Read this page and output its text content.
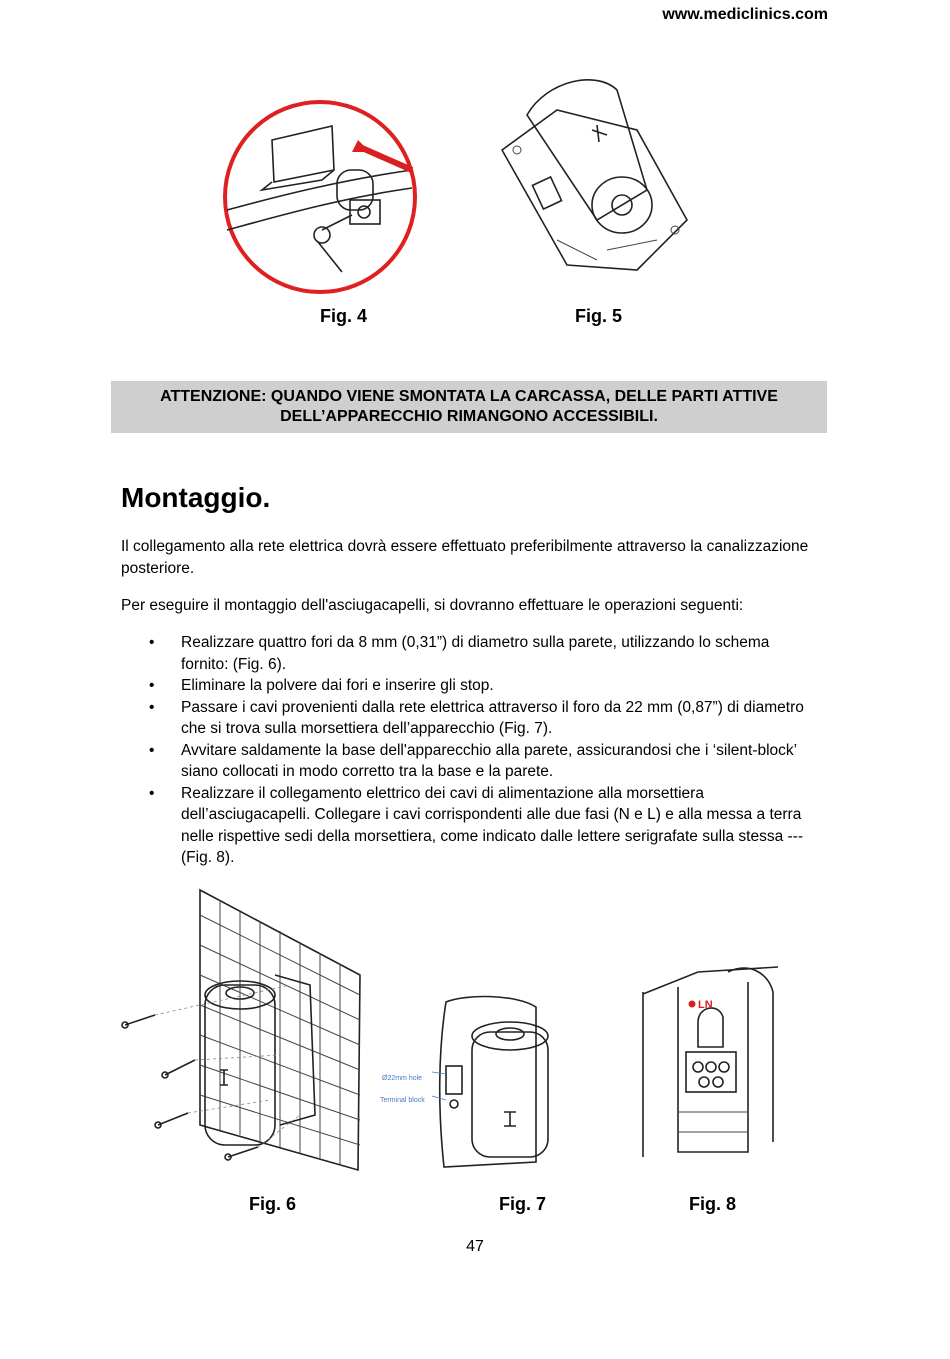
www.mediclinics.com
Fig. 4	Fig. 5
ATTENZIONE: QUANDO VIENE SMONTATA LA CARCASSA, DELLE PARTI ATTIVE
DELL’APPARECCHIO RIMANGONO ACCESSIBILI.
Montaggio.
Il collegamento alla rete elettrica dovrà essere effettuato preferibilmente attraverso la canalizzazione
posteriore.
Per eseguire il montaggio dell'asciugacapelli, si dovranno effettuare le operazioni seguenti:
• Realizzare quattro fori da 8 mm (0,31”) di diametro sulla parete, utilizzando lo schema
fornito: (Fig. 6).
• Eliminare la polvere dai fori e inserire gli stop.
• Passare i cavi provenienti dalla rete elettrica attraverso il foro da 22 mm (0,87”) di diametro
che si trova sulla morsettiera dell’apparecchio (Fig. 7).
• Avvitare saldamente la base dell'apparecchio alla parete, assicurandosi che i ‘silent-block’
siano collocati in modo corretto tra la base e la parete.
• Realizzare il collegamento elettrico dei cavi di alimentazione alla morsettiera
dell’asciugacapelli. Collegare i cavi corrispondenti alle due fasi (N e L) e alla messa a terra
nelle rispettive sedi della morsettiera, come indicato dalle lettere serigrafate sulla stessa ---
(Fig. 8).
Ø22mm hole
Terminal block
LN
Fig. 6	Fig. 7	Fig. 8
47
